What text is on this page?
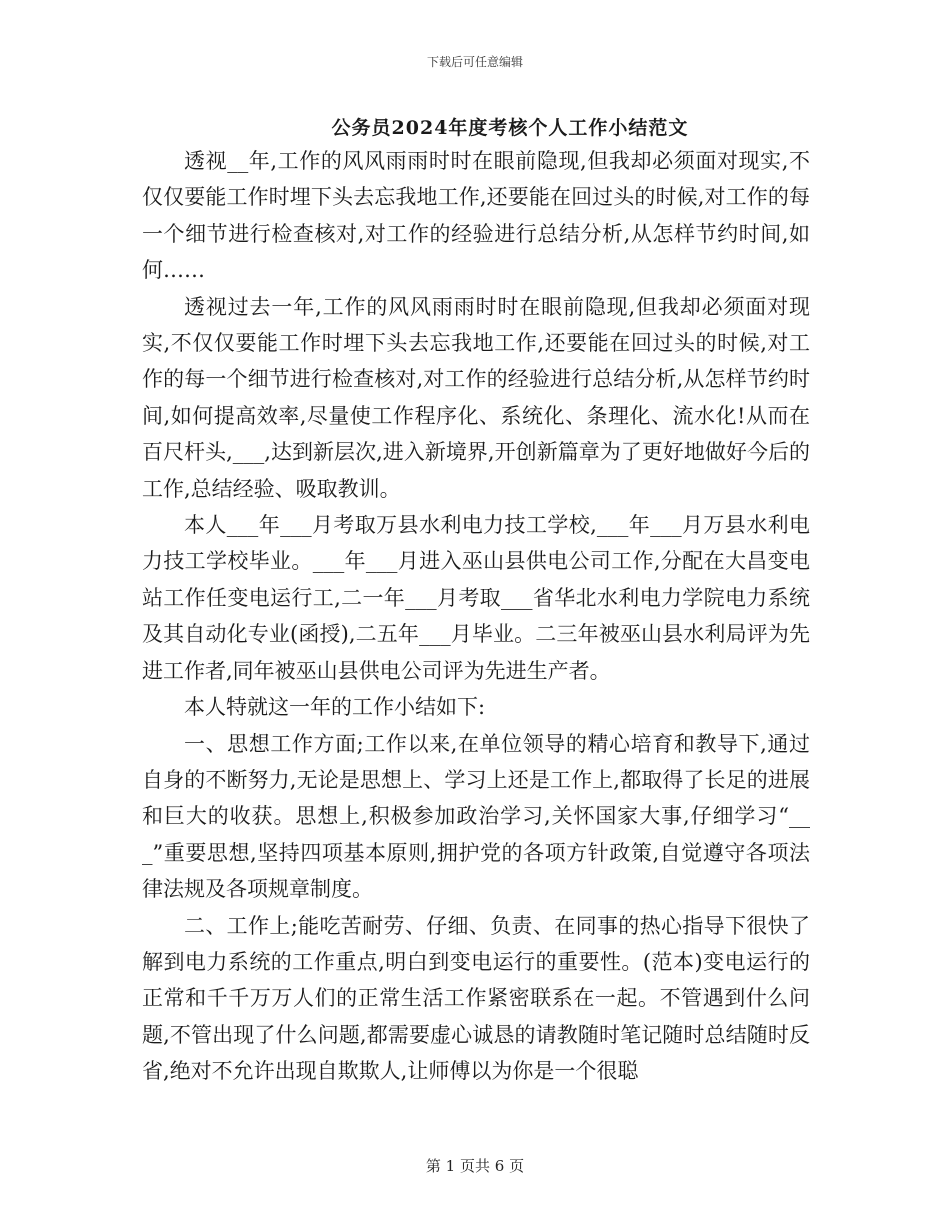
下载后可任意编辑
公务员2024年度考核个人工作小结范文

透视__年,工作的风风雨雨时时在眼前隐现,但我却必须面对现实,不仅仅要能工作时埋下头去忘我地工作,还要能在回过头的时候,对工作的每一个细节进行检查核对,对工作的经验进行总结分析,从怎样节约时间,如何……

透视过去一年,工作的风风雨雨时时在眼前隐现,但我却必须面对现实,不仅仅要能工作时埋下头去忘我地工作,还要能在回过头的时候,对工作的每一个细节进行检查核对,对工作的经验进行总结分析,从怎样节约时间,如何提高效率,尽量使工作程序化、系统化、条理化、流水化!从而在百尺杆头,___,达到新层次,进入新境界,开创新篇章为了更好地做好今后的工作,总结经验、吸取教训。

本人___年___月考取万县水利电力技工学校,___年___月万县水利电力技工学校毕业。___年___月进入巫山县供电公司工作,分配在大昌变电站工作任变电运行工,二一年___月考取___省华北水利电力学院电力系统及其自动化专业(函授),二五年___月毕业。二三年被巫山县水利局评为先进工作者,同年被巫山县供电公司评为先进生产者。

本人特就这一年的工作小结如下:

一、思想工作方面;工作以来,在单位领导的精心培育和教导下,通过自身的不断努力,无论是思想上、学习上还是工作上,都取得了长足的进展和巨大的收获。思想上,积极参加政治学习,关怀国家大事,仔细学习“___”重要思想,坚持四项基本原则,拥护党的各项方针政策,自觉遵守各项法律法规及各项规章制度。

二、工作上;能吃苦耐劳、仔细、负责、在同事的热心指导下很快了解到电力系统的工作重点,明白到变电运行的重要性。(范本)变电运行的正常和千千万万人们的正常生活工作紧密联系在一起。不管遇到什么问题,不管出现了什么问题,都需要虚心诚恳的请教随时笔记随时总结随时反省,绝对不允许出现自欺欺人,让师傅以为你是一个很聪

第 1 页共 6 页
